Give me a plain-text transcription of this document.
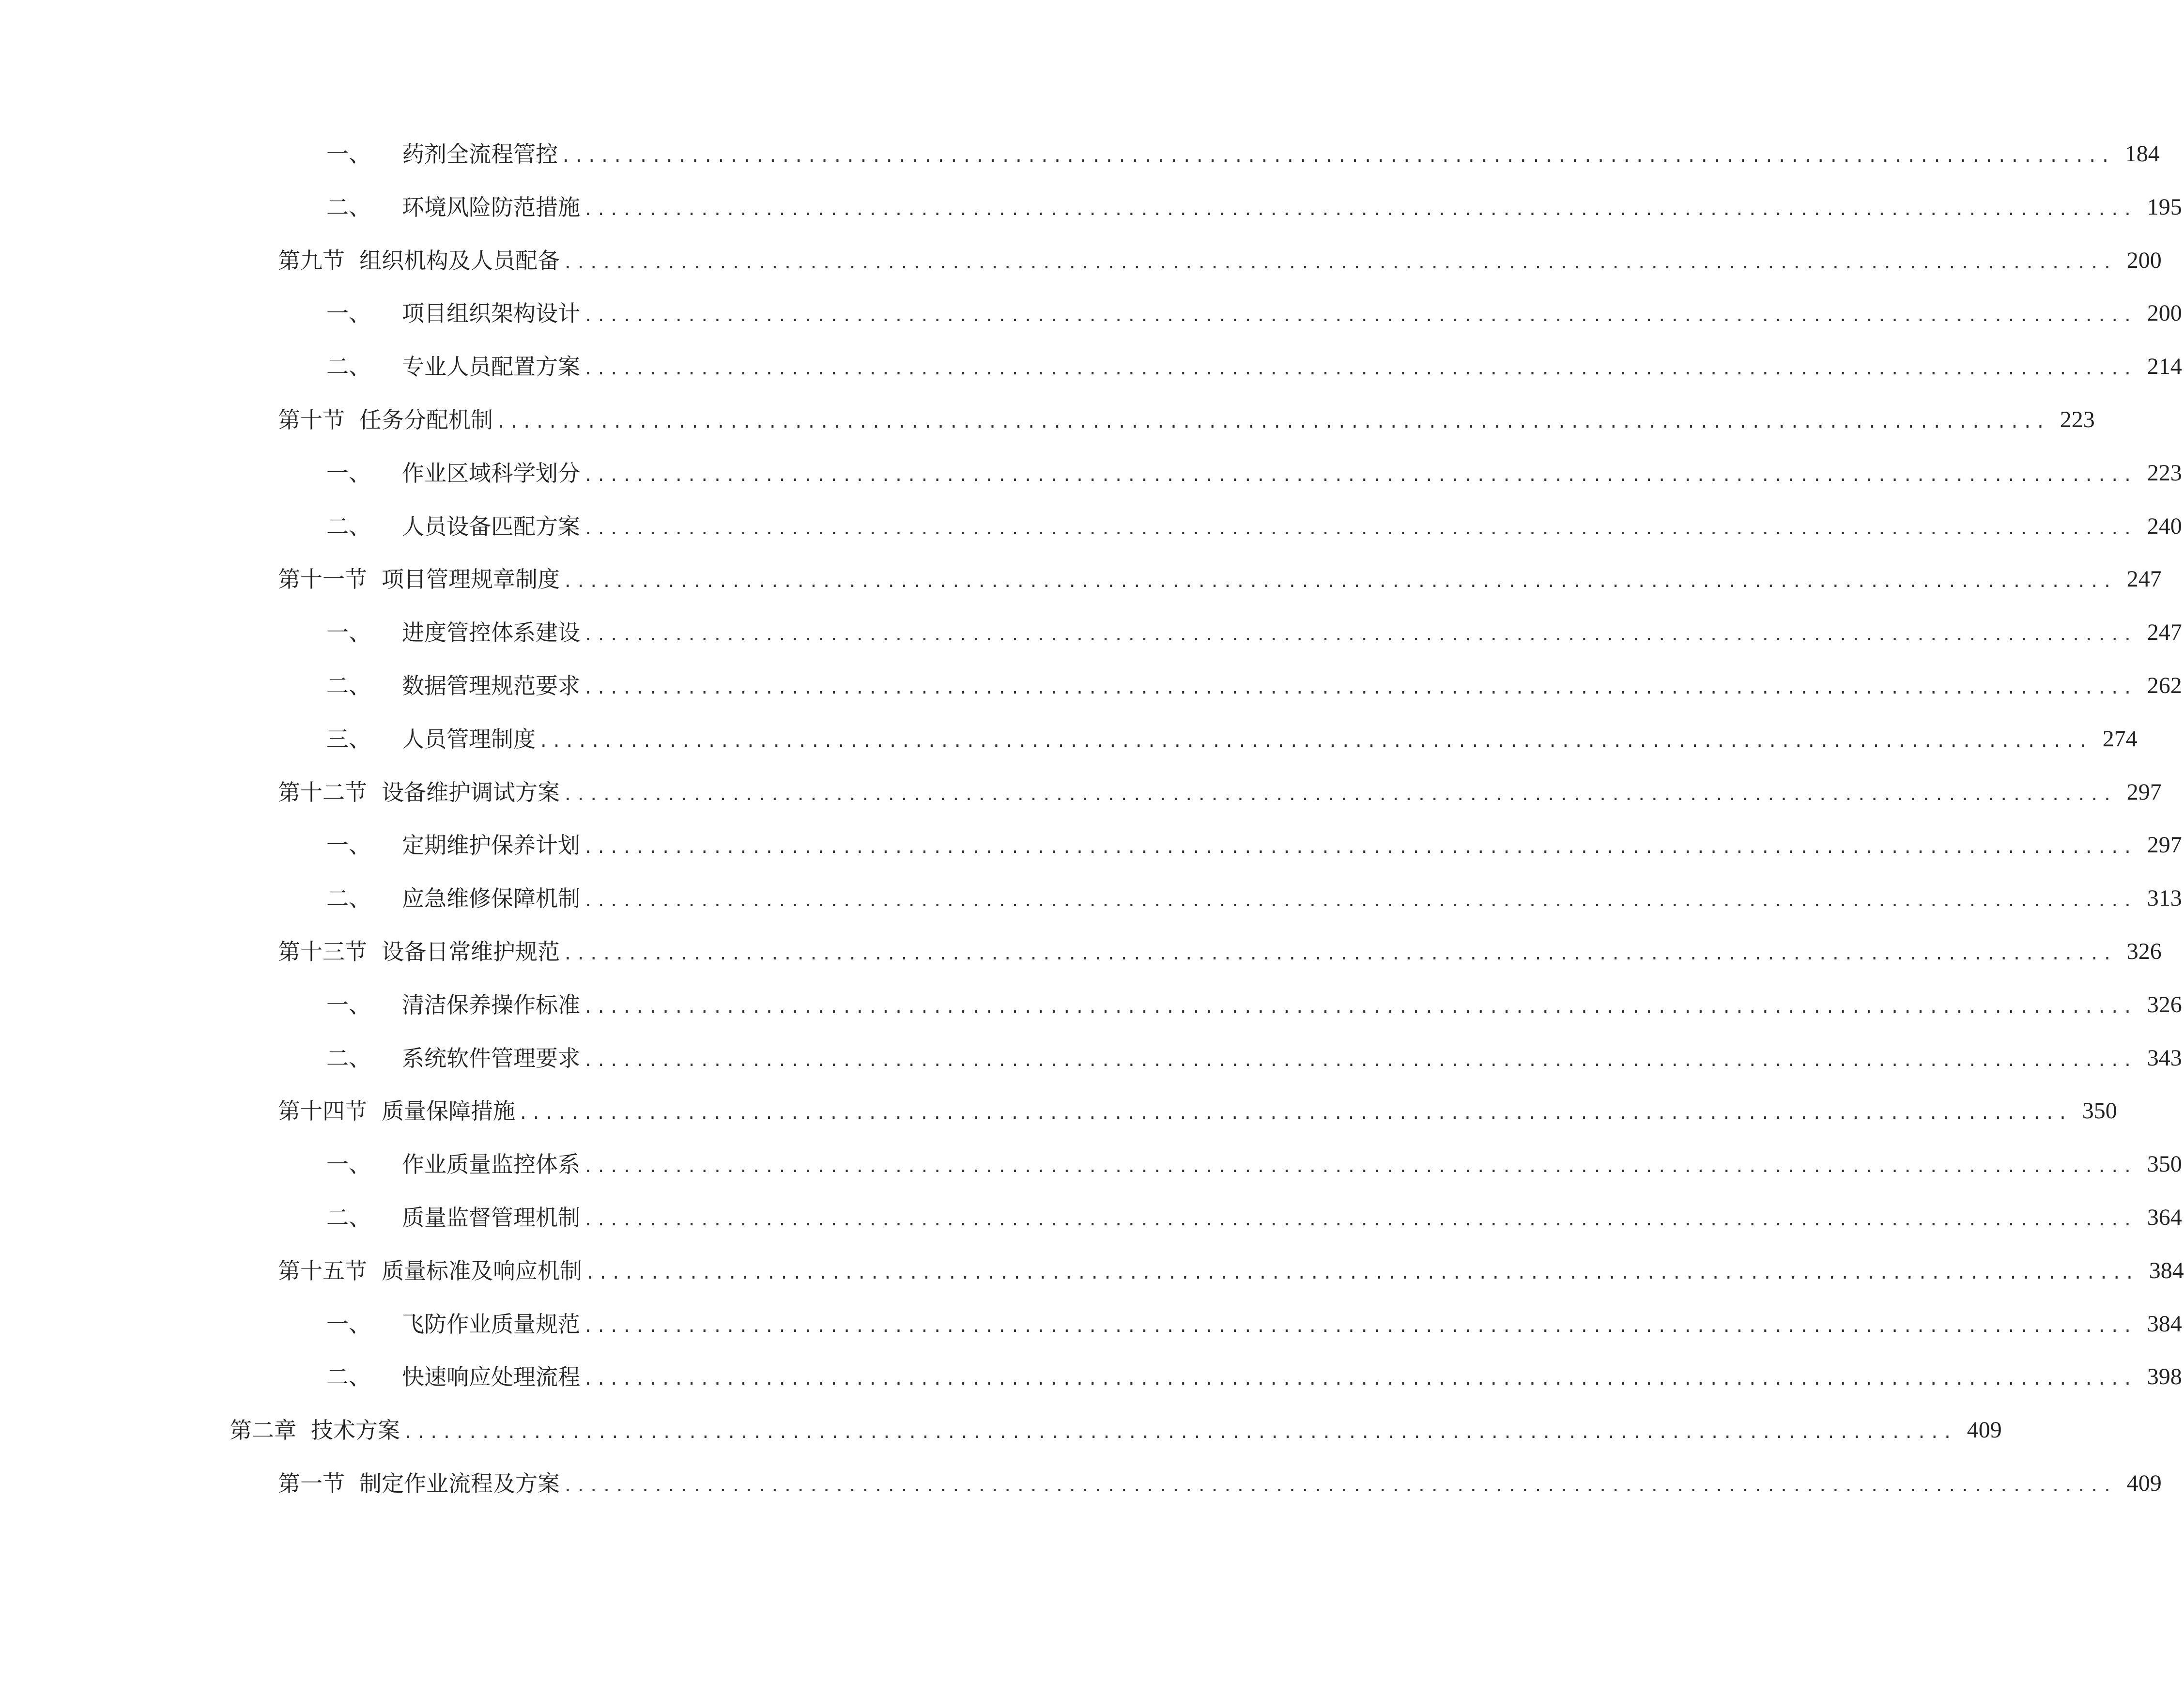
一、 药剂全流程管控 ........................................................................................................................ 184
二、 环境风险防范措施 ........................................................................................................................ 195
第九节 组织机构及人员配备 ........................................................................................................................ 200
一、 项目组织架构设计 ........................................................................................................................ 200
二、 专业人员配置方案 ........................................................................................................................ 214
第十节 任务分配机制 ........................................................................................................................ 223
一、 作业区域科学划分 ........................................................................................................................ 223
二、 人员设备匹配方案 ........................................................................................................................ 240
第十一节 项目管理规章制度 ........................................................................................................................ 247
一、 进度管控体系建设 ........................................................................................................................ 247
二、 数据管理规范要求 ........................................................................................................................ 262
三、 人员管理制度 ........................................................................................................................ 274
第十二节 设备维护调试方案 ........................................................................................................................ 297
一、 定期维护保养计划 ........................................................................................................................ 297
二、 应急维修保障机制 ........................................................................................................................ 313
第十三节 设备日常维护规范 ........................................................................................................................ 326
一、 清洁保养操作标准 ........................................................................................................................ 326
二、 系统软件管理要求 ........................................................................................................................ 343
第十四节 质量保障措施 ........................................................................................................................ 350
一、 作业质量监控体系 ........................................................................................................................ 350
二、 质量监督管理机制 ........................................................................................................................ 364
第十五节 质量标准及响应机制 ........................................................................................................................ 384
一、 飞防作业质量规范 ........................................................................................................................ 384
二、 快速响应处理流程 ........................................................................................................................ 398
第二章 技术方案 ........................................................................................................................ 409
第一节 制定作业流程及方案 ........................................................................................................................ 409
